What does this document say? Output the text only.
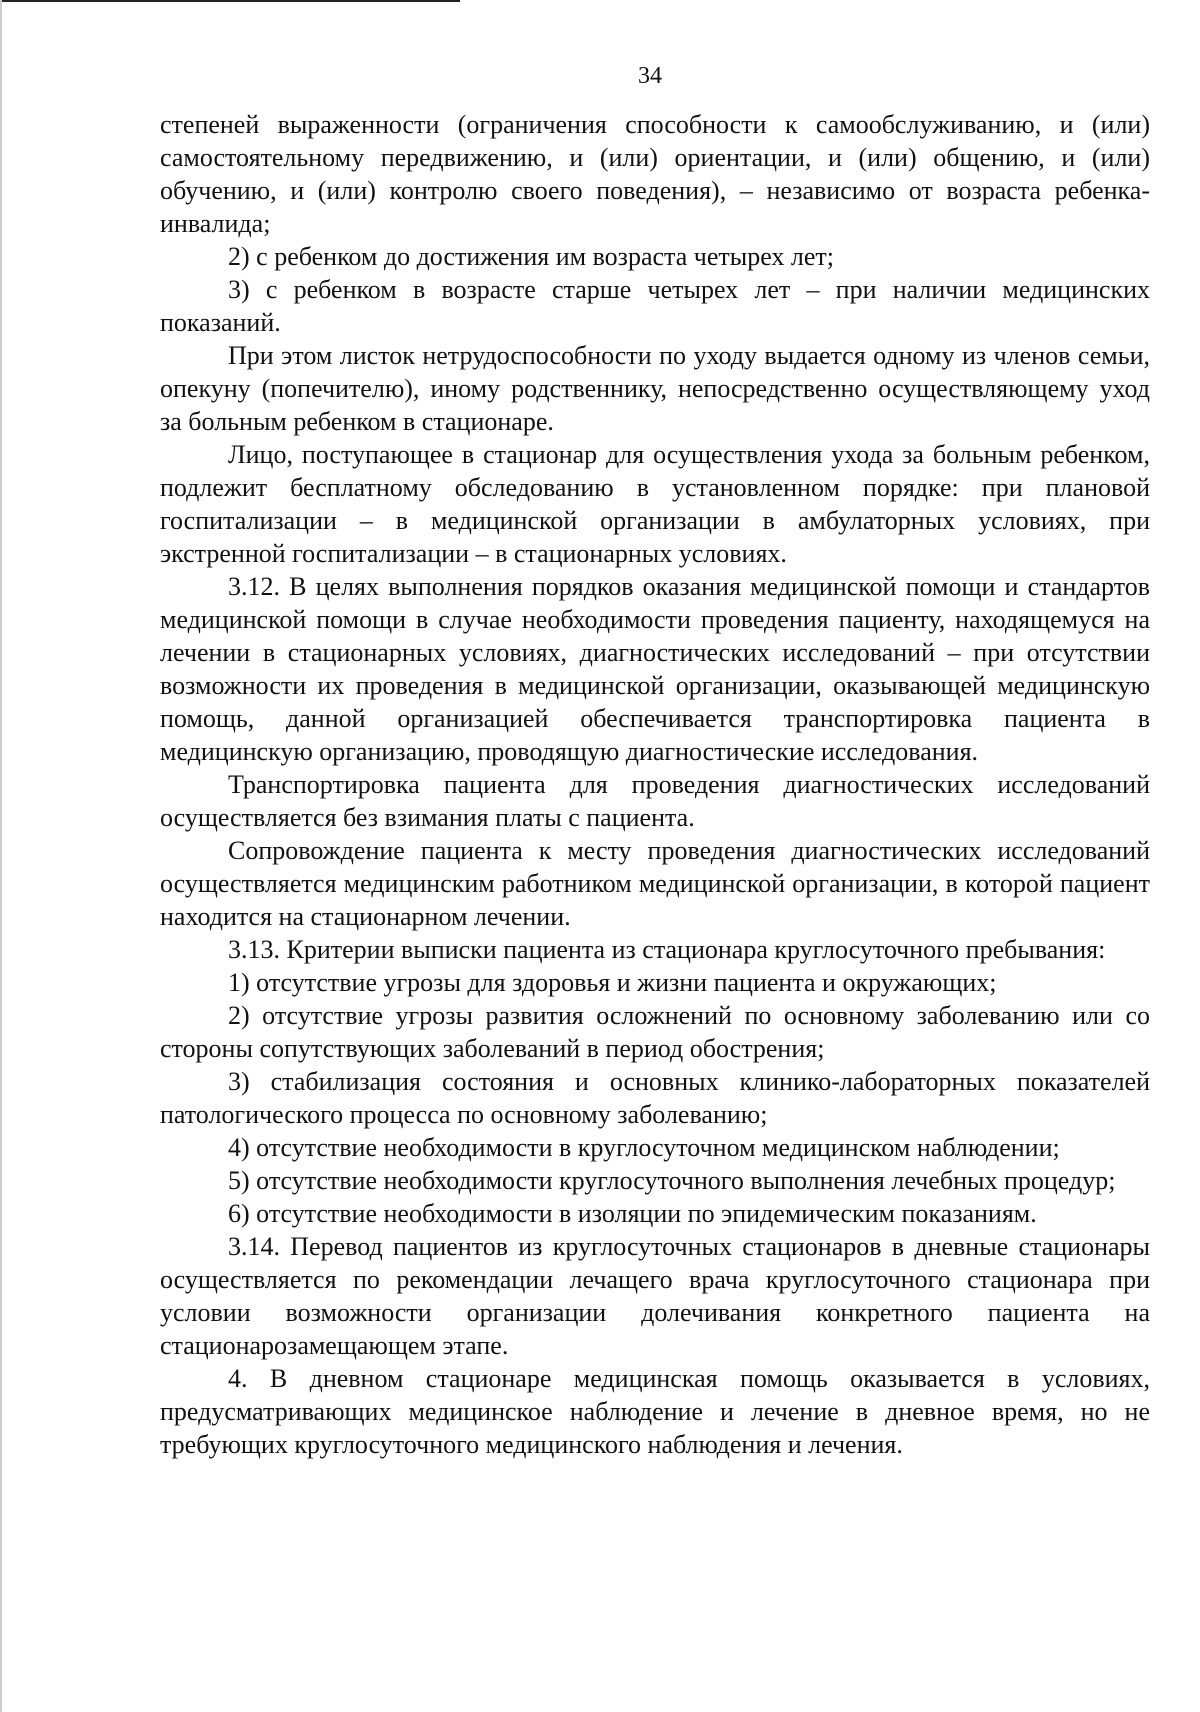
34

степеней выраженности (ограничения способности к самообслуживанию, и (или) самостоятельному передвижению, и (или) ориентации, и (или) общению, и (или) обучению, и (или) контролю своего поведения), – независимо от возраста ребенка-инвалида;

2) с ребенком до достижения им возраста четырех лет;

3) с ребенком в возрасте старше четырех лет – при наличии медицинских показаний.

При этом листок нетрудоспособности по уходу выдается одному из членов семьи, опекуну (попечителю), иному родственнику, непосредственно осуществляющему уход за больным ребенком в стационаре.

Лицо, поступающее в стационар для осуществления ухода за больным ребенком, подлежит бесплатному обследованию в установленном порядке: при плановой госпитализации – в медицинской организации в амбулаторных условиях, при экстренной госпитализации – в стационарных условиях.

3.12. В целях выполнения порядков оказания медицинской помощи и стандартов медицинской помощи в случае необходимости проведения пациенту, находящемуся на лечении в стационарных условиях, диагностических исследований – при отсутствии возможности их проведения в медицинской организации, оказывающей медицинскую помощь, данной организацией обеспечивается транспортировка пациента в медицинскую организацию, проводящую диагностические исследования.

Транспортировка пациента для проведения диагностических исследований осуществляется без взимания платы с пациента.

Сопровождение пациента к месту проведения диагностических исследований осуществляется медицинским работником медицинской организации, в которой пациент находится на стационарном лечении.

3.13. Критерии выписки пациента из стационара круглосуточного пребывания:

1) отсутствие угрозы для здоровья и жизни пациента и окружающих;

2) отсутствие угрозы развития осложнений по основному заболеванию или со стороны сопутствующих заболеваний в период обострения;

3) стабилизация состояния и основных клинико-лабораторных показателей патологического процесса по основному заболеванию;

4) отсутствие необходимости в круглосуточном медицинском наблюдении;

5) отсутствие необходимости круглосуточного выполнения лечебных процедур;

6) отсутствие необходимости в изоляции по эпидемическим показаниям.

3.14. Перевод пациентов из круглосуточных стационаров в дневные стационары осуществляется по рекомендации лечащего врача круглосуточного стационара при условии возможности организации долечивания конкретного пациента на стационарозамещающем этапе.

4. В дневном стационаре медицинская помощь оказывается в условиях, предусматривающих медицинское наблюдение и лечение в дневное время, но не требующих круглосуточного медицинского наблюдения и лечения.
